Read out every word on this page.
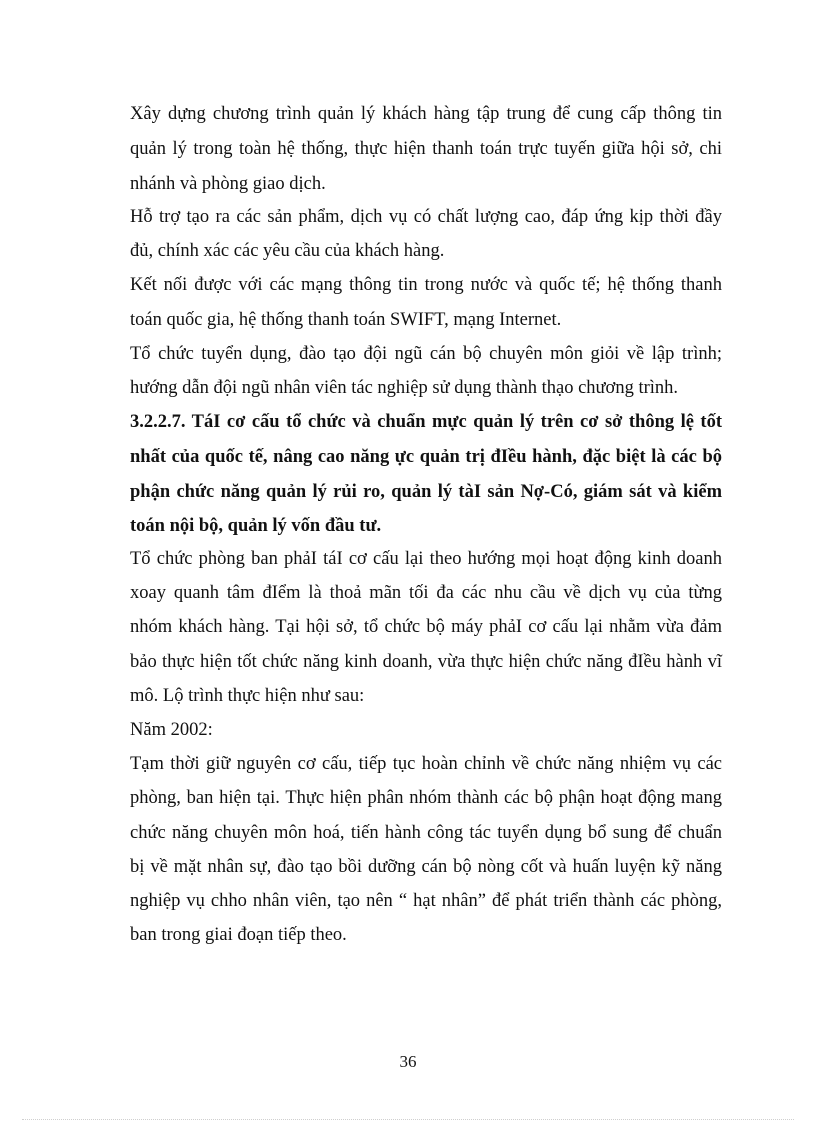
Xây dựng chương trình quản lý khách hàng tập trung để cung cấp thông tin
quản lý trong toàn hệ thống, thực hiện thanh toán trực tuyến giữa hội sở, chi
nhánh và phòng giao dịch.
Hỗ trợ tạo ra các sản phẩm, dịch vụ có chất lượng cao, đáp ứng kịp thời đầy
đủ, chính xác các yêu cầu của khách hàng.
Kết nối được với các mạng thông tin trong nước và quốc tế; hệ thống thanh
toán quốc gia, hệ thống thanh toán SWIFT, mạng Internet.
Tổ chức tuyển dụng, đào tạo đội ngũ cán bộ chuyên môn giỏi về lập trình;
hướng dẫn đội ngũ nhân viên tác nghiệp sử dụng thành thạo chương trình.
3.2.2.7. TáI cơ cấu tổ chức và chuẩn mực quản lý trên cơ sở thông lệ tốt
nhất của quốc tế, nâng cao năng ực quản trị đIều hành, đặc biệt là các bộ
phận chức năng quản lý rủi ro, quản lý tàI sản Nợ-Có, giám sát và kiểm
toán nội bộ, quản lý vốn đầu tư.
Tổ chức phòng ban phảI táI cơ cấu lại theo hướng mọi hoạt động kinh doanh
xoay quanh tâm đIểm là thoả mãn tối đa các nhu cầu về dịch vụ của từng
nhóm khách hàng. Tại hội sở, tổ chức bộ máy phảI cơ cấu lại nhằm vừa đảm
bảo thực hiện tốt chức năng kinh doanh, vừa thực hiện chức năng đIều hành vĩ
mô. Lộ trình thực hiện như sau:
Năm 2002:
Tạm thời giữ nguyên cơ cấu, tiếp tục hoàn chỉnh về chức năng nhiệm vụ các
phòng, ban hiện tại. Thực hiện phân nhóm thành các bộ phận hoạt động mang
chức năng chuyên môn hoá, tiến hành công tác tuyển dụng bổ sung để chuẩn
bị về mặt nhân sự, đào tạo bồi dưỡng cán bộ nòng cốt và huấn luyện kỹ năng
nghiệp vụ chho nhân viên, tạo nên “ hạt nhân” để phát triển thành các phòng,
ban trong giai đoạn tiếp theo.
36
